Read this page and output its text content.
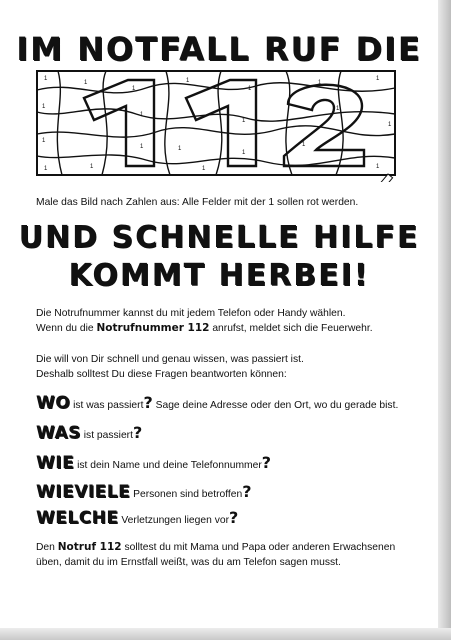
IM NOTFALL RUF DIE
1
1
1
1
1
1
1
1
1
1
1
1
1
1	1
1
1
1	1	1	1
Male das Bild nach Zahlen aus: Alle Felder mit der 1 sollen rot werden.
UND SCHNELLE HILFE
KOMMT HERBEI!
Die Notrufnummer kannst du mit jedem Telefon oder Handy wählen.
Wenn du die Notrufnummer 112 anrufst, meldet sich die Feuerwehr.
Die will von Dir schnell und genau wissen, was passiert ist.
Deshalb solltest Du diese Fragen beantworten können:
WO ist was passiert? Sage deine Adresse oder den Ort, wo du gerade bist.
WAS ist passiert?
WIE ist dein Name und deine Telefonnummer?
WIEVIELE Personen sind betroffen?
WELCHE Verletzungen liegen vor?
Den Notruf 112 solltest du mit Mama und Papa oder anderen Erwachsenen
üben, damit du im Ernstfall weißt, was du am Telefon sagen musst.
